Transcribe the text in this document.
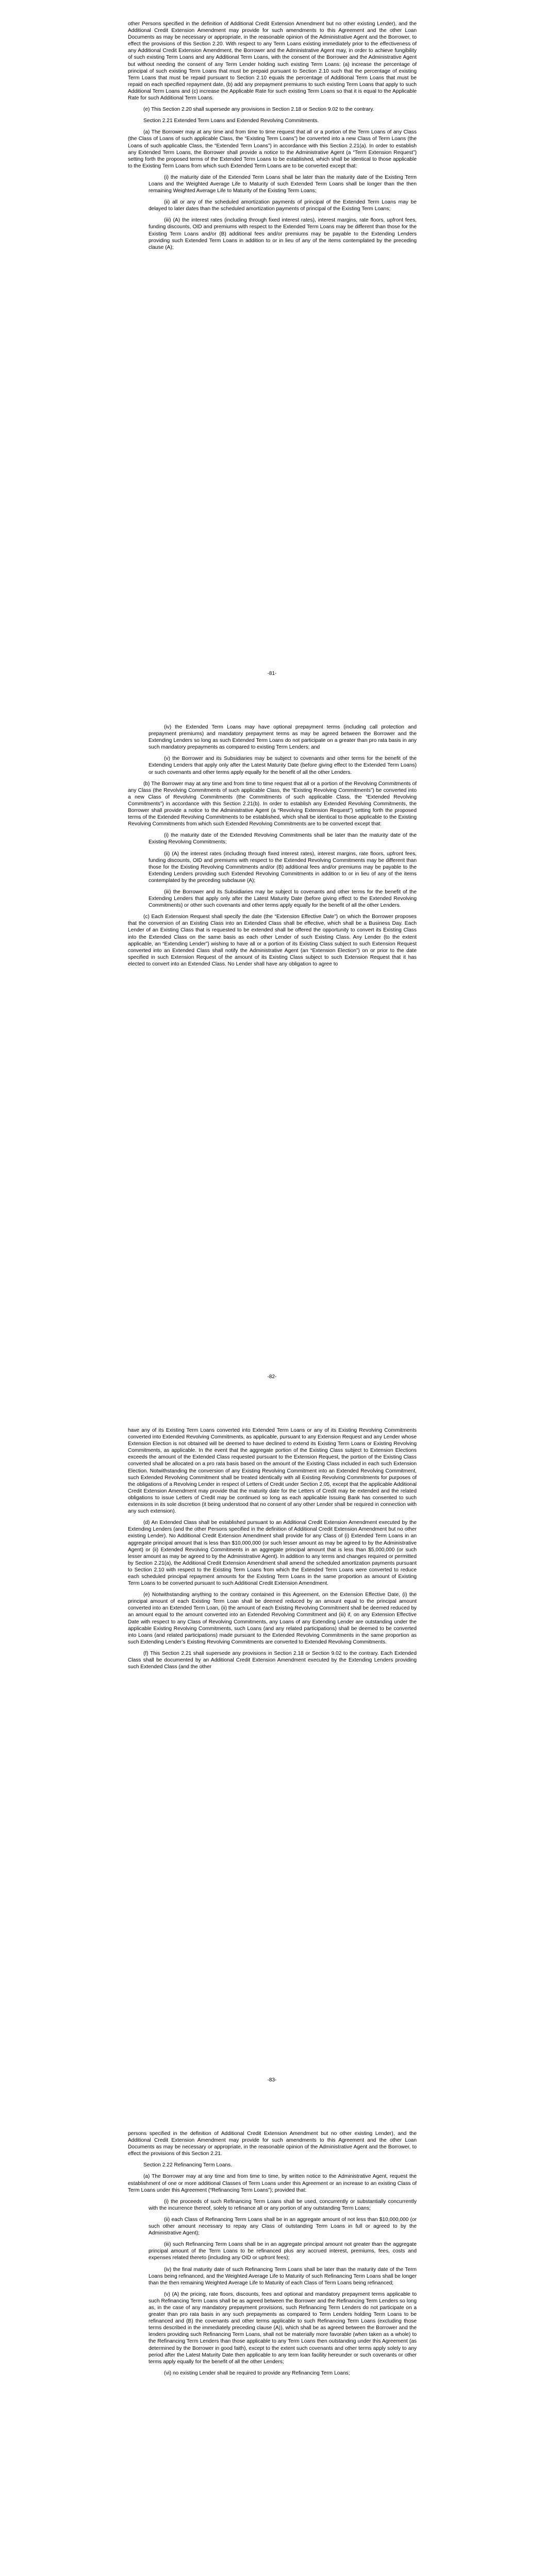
other Persons specified in the definition of Additional Credit Extension Amendment but no other existing Lender), and the Additional Credit Extension Amendment may provide for such amendments to this Agreement and the other Loan Documents as may be necessary or appropriate, in the reasonable opinion of the Administrative Agent and the Borrower, to effect the provisions of this Section 2.20. With respect to any Term Loans existing immediately prior to the effectiveness of any Additional Credit Extension Amendment, the Borrower and the Administrative Agent may, in order to achieve fungibility of such existing Term Loans and any Additional Term Loans, with the consent of the Borrower and the Administrative Agent but without needing the consent of any Term Lender holding such existing Term Loans: (a) increase the percentage of principal of such existing Term Loans that must be prepaid pursuant to Section 2.10 such that the percentage of existing Term Loans that must be repaid pursuant to Section 2.10 equals the percentage of Additional Term Loans that must be repaid on each specified repayment date, (b) add any prepayment premiums to such existing Term Loans that apply to such Additional Term Loans and (c) increase the Applicable Rate for such existing Term Loans so that it is equal to the Applicable Rate for such Additional Term Loans.

(e) This Section 2.20 shall supersede any provisions in Section 2.18 or Section 9.02 to the contrary.

Section 2.21 Extended Term Loans and Extended Revolving Commitments.

(a) The Borrower may at any time and from time to time request that all or a portion of the Term Loans of any Class (the Class of Loans of such applicable Class, the “Existing Term Loans”) be converted into a new Class of Term Loans (the Loans of such applicable Class, the “Extended Term Loans”) in accordance with this Section 2.21(a). In order to establish any Extended Term Loans, the Borrower shall provide a notice to the Administrative Agent (a “Term Extension Request”) setting forth the proposed terms of the Extended Term Loans to be established, which shall be identical to those applicable to the Existing Term Loans from which such Extended Term Loans are to be converted except that:

(i) the maturity date of the Extended Term Loans shall be later than the maturity date of the Existing Term Loans and the Weighted Average Life to Maturity of such Extended Term Loans shall be longer than the then remaining Weighted Average Life to Maturity of the Existing Term Loans;

(ii) all or any of the scheduled amortization payments of principal of the Extended Term Loans may be delayed to later dates than the scheduled amortization payments of principal of the Existing Term Loans;

(iii) (A) the interest rates (including through fixed interest rates), interest margins, rate floors, upfront fees, funding discounts, OID and premiums with respect to the Extended Term Loans may be different than those for the Existing Term Loans and/or (B) additional fees and/or premiums may be payable to the Extending Lenders providing such Extended Term Loans in addition to or in lieu of any of the items contemplated by the preceding clause (A);

-81-

(iv) the Extended Term Loans may have optional prepayment terms (including call protection and prepayment premiums) and mandatory prepayment terms as may be agreed between the Borrower and the Extending Lenders so long as such Extended Term Loans do not participate on a greater than pro rata basis in any such mandatory prepayments as compared to existing Term Lenders; and

(v) the Borrower and its Subsidiaries may be subject to covenants and other terms for the benefit of the Extending Lenders that apply only after the Latest Maturity Date (before giving effect to the Extended Term Loans) or such covenants and other terms apply equally for the benefit of all the other Lenders.

(b) The Borrower may at any time and from time to time request that all or a portion of the Revolving Commitments of any Class (the Revolving Commitments of such applicable Class, the “Existing Revolving Commitments”) be converted into a new Class of Revolving Commitments (the Commitments of such applicable Class, the “Extended Revolving Commitments”) in accordance with this Section 2.21(b). In order to establish any Extended Revolving Commitments, the Borrower shall provide a notice to the Administrative Agent (a “Revolving Extension Request”) setting forth the proposed terms of the Extended Revolving Commitments to be established, which shall be identical to those applicable to the Existing Revolving Commitments from which such Extended Revolving Commitments are to be converted except that:

(i) the maturity date of the Extended Revolving Commitments shall be later than the maturity date of the Existing Revolving Commitments;

(ii) (A) the interest rates (including through fixed interest rates), interest margins, rate floors, upfront fees, funding discounts, OID and premiums with respect to the Extended Revolving Commitments may be different than those for the Existing Revolving Commitments and/or (B) additional fees and/or premiums may be payable to the Extending Lenders providing such Extended Revolving Commitments in addition to or in lieu of any of the items contemplated by the preceding subclause (A);

(iii) the Borrower and its Subsidiaries may be subject to covenants and other terms for the benefit of the Extending Lenders that apply only after the Latest Maturity Date (before giving effect to the Extended Revolving Commitments) or other such covenants and other terms apply equally for the benefit of all the other Lenders.

(c) Each Extension Request shall specify the date (the “Extension Effective Date”) on which the Borrower proposes that the conversion of an Existing Class into an Extended Class shall be effective, which shall be a Business Day. Each Lender of an Existing Class that is requested to be extended shall be offered the opportunity to convert its Existing Class into the Extended Class on the same basis as each other Lender of such Existing Class. Any Lender (to the extent applicable, an “Extending Lender”) wishing to have all or a portion of its Existing Class subject to such Extension Request converted into an Extended Class shall notify the Administrative Agent (an “Extension Election”) on or prior to the date specified in such Extension Request of the amount of its Existing Class subject to such Extension Request that it has elected to convert into an Extended Class. No Lender shall have any obligation to agree to

-82-

have any of its Existing Term Loans converted into Extended Term Loans or any of its Existing Revolving Commitments converted into Extended Revolving Commitments, as applicable, pursuant to any Extension Request and any Lender whose Extension Election is not obtained will be deemed to have declined to extend its Existing Term Loans or Existing Revolving Commitments, as applicable. In the event that the aggregate portion of the Existing Class subject to Extension Elections exceeds the amount of the Extended Class requested pursuant to the Extension Request, the portion of the Existing Class converted shall be allocated on a pro rata basis based on the amount of the Existing Class included in each such Extension Election. Notwithstanding the conversion of any Existing Revolving Commitment into an Extended Revolving Commitment, such Extended Revolving Commitment shall be treated identically with all Existing Revolving Commitments for purposes of the obligations of a Revolving Lender in respect of Letters of Credit under Section 2.05, except that the applicable Additional Credit Extension Amendment may provide that the maturity date for the Letters of Credit may be extended and the related obligations to issue Letters of Credit may be continued so long as each applicable Issuing Bank has consented to such extensions in its sole discretion (it being understood that no consent of any other Lender shall be required in connection with any such extension).

(d) An Extended Class shall be established pursuant to an Additional Credit Extension Amendment executed by the Extending Lenders (and the other Persons specified in the definition of Additional Credit Extension Amendment but no other existing Lender). No Additional Credit Extension Amendment shall provide for any Class of (i) Extended Term Loans in an aggregate principal amount that is less than $10,000,000 (or such lesser amount as may be agreed to by the Administrative Agent) or (ii) Extended Revolving Commitments in an aggregate principal amount that is less than $5,000,000 (or such lesser amount as may be agreed to by the Administrative Agent). In addition to any terms and changes required or permitted by Section 2.21(a), the Additional Credit Extension Amendment shall amend the scheduled amortization payments pursuant to Section 2.10 with respect to the Existing Term Loans from which the Extended Term Loans were converted to reduce each scheduled principal repayment amounts for the Existing Term Loans in the same proportion as amount of Existing Term Loans to be converted pursuant to such Additional Credit Extension Amendment.

(e) Notwithstanding anything to the contrary contained in this Agreement, on the Extension Effective Date, (i) the principal amount of each Existing Term Loan shall be deemed reduced by an amount equal to the principal amount converted into an Extended Term Loan, (ii) the amount of each Existing Revolving Commitment shall be deemed reduced by an amount equal to the amount converted into an Extended Revolving Commitment and (iii) if, on any Extension Effective Date with respect to any Class of Revolving Commitments, any Loans of any Extending Lender are outstanding under the applicable Existing Revolving Commitments, such Loans (and any related participations) shall be deemed to be converted into Loans (and related participations) made pursuant to the Extended Revolving Commitments in the same proportion as such Extending Lender’s Existing Revolving Commitments are converted to Extended Revolving Commitments.

(f) This Section 2.21 shall supersede any provisions in Section 2.18 or Section 9.02 to the contrary. Each Extended Class shall be documented by an Additional Credit Extension Amendment executed by the Extending Lenders providing such Extended Class (and the other

-83-

persons specified in the definition of Additional Credit Extension Amendment but no other existing Lender), and the Additional Credit Extension Amendment may provide for such amendments to this Agreement and the other Loan Documents as may be necessary or appropriate, in the reasonable opinion of the Administrative Agent and the Borrower, to effect the provisions of this Section 2.21.

Section 2.22 Refinancing Term Loans.

(a) The Borrower may at any time and from time to time, by written notice to the Administrative Agent, request the establishment of one or more additional Classes of Term Loans under this Agreement or an increase to an existing Class of Term Loans under this Agreement (“Refinancing Term Loans”); provided that:

(i) the proceeds of such Refinancing Term Loans shall be used, concurrently or substantially concurrently with the incurrence thereof, solely to refinance all or any portion of any outstanding Term Loans;

(ii) each Class of Refinancing Term Loans shall be in an aggregate amount of not less than $10,000,000 (or such other amount necessary to repay any Class of outstanding Term Loans in full or agreed to by the Administrative Agent);

(iii) such Refinancing Term Loans shall be in an aggregate principal amount not greater than the aggregate principal amount of the Term Loans to be refinanced plus any accrued interest, premiums, fees, costs and expenses related thereto (including any OID or upfront fees);

(iv) the final maturity date of such Refinancing Term Loans shall be later than the maturity date of the Term Loans being refinanced, and the Weighted Average Life to Maturity of such Refinancing Term Loans shall be longer than the then remaining Weighted Average Life to Maturity of each Class of Term Loans being refinanced;

(v) (A) the pricing, rate floors, discounts, fees and optional and mandatory prepayment terms applicable to such Refinancing Term Loans shall be as agreed between the Borrower and the Refinancing Term Lenders so long as, in the case of any mandatory prepayment provisions, such Refinancing Term Lenders do not participate on a greater than pro rata basis in any such prepayments as compared to Term Lenders holding Term Loans to be refinanced and (B) the covenants and other terms applicable to such Refinancing Term Loans (excluding those terms described in the immediately preceding clause (A)), which shall be as agreed between the Borrower and the lenders providing such Refinancing Term Loans, shall not be materially more favorable (when taken as a whole) to the Refinancing Term Lenders than those applicable to any Term Loans then outstanding under this Agreement (as determined by the Borrower in good faith), except to the extent such covenants and other terms apply solely to any period after the Latest Maturity Date then applicable to any term loan facility hereunder or such covenants or other terms apply equally for the benefit of all the other Lenders;

(vi) no existing Lender shall be required to provide any Refinancing Term Loans;
